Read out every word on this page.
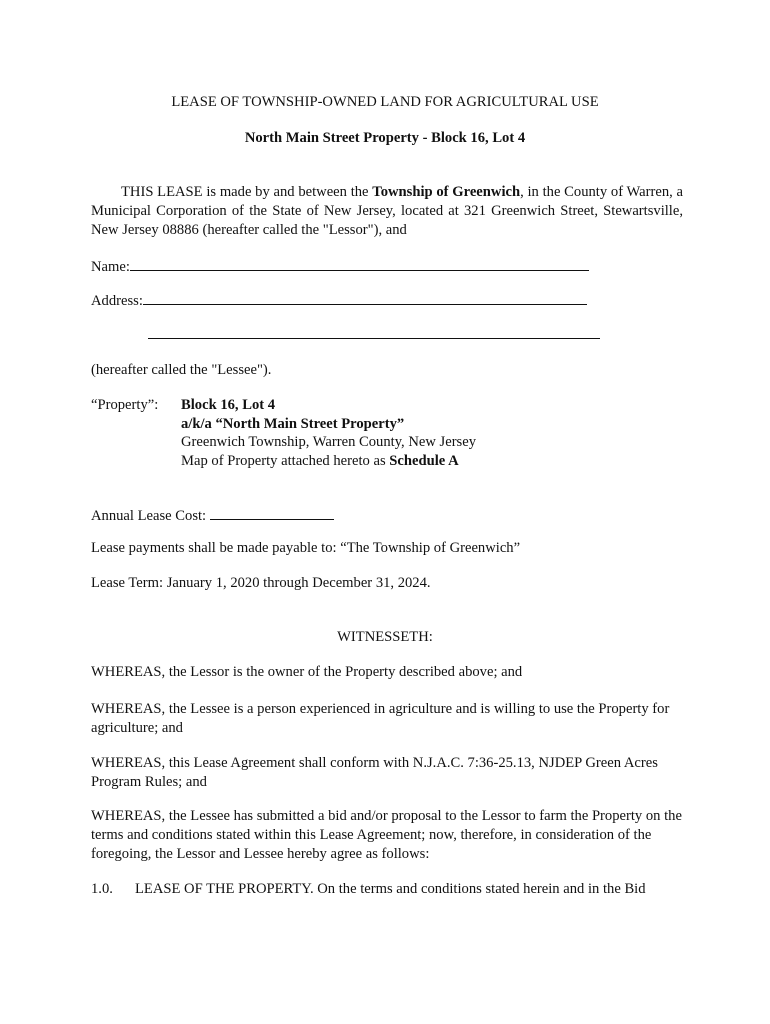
LEASE OF TOWNSHIP-OWNED LAND FOR AGRICULTURAL USE
North Main Street Property - Block 16, Lot 4
THIS LEASE is made by and between the Township of Greenwich, in the County of Warren, a Municipal Corporation of the State of New Jersey, located at 321 Greenwich Street, Stewartsville, New Jersey 08886 (hereafter called the "Lessor"), and
Name:
Address:
(hereafter called the "Lessee").
“Property”: Block 16, Lot 4
a/k/a “North Main Street Property”
Greenwich Township, Warren County, New Jersey
Map of Property attached hereto as Schedule A
Annual Lease Cost:
Lease payments shall be made payable to: “The Township of Greenwich”
Lease Term: January 1, 2020 through December 31, 2024.
WITNESSETH:
WHEREAS, the Lessor is the owner of the Property described above; and
WHEREAS, the Lessee is a person experienced in agriculture and is willing to use the Property for agriculture; and
WHEREAS, this Lease Agreement shall conform with N.J.A.C. 7:36-25.13, NJDEP Green Acres Program Rules; and
WHEREAS, the Lessee has submitted a bid and/or proposal to the Lessor to farm the Property on the terms and conditions stated within this Lease Agreement; now, therefore, in consideration of the foregoing, the Lessor and Lessee hereby agree as follows:
1.0. LEASE OF THE PROPERTY. On the terms and conditions stated herein and in the Bid
